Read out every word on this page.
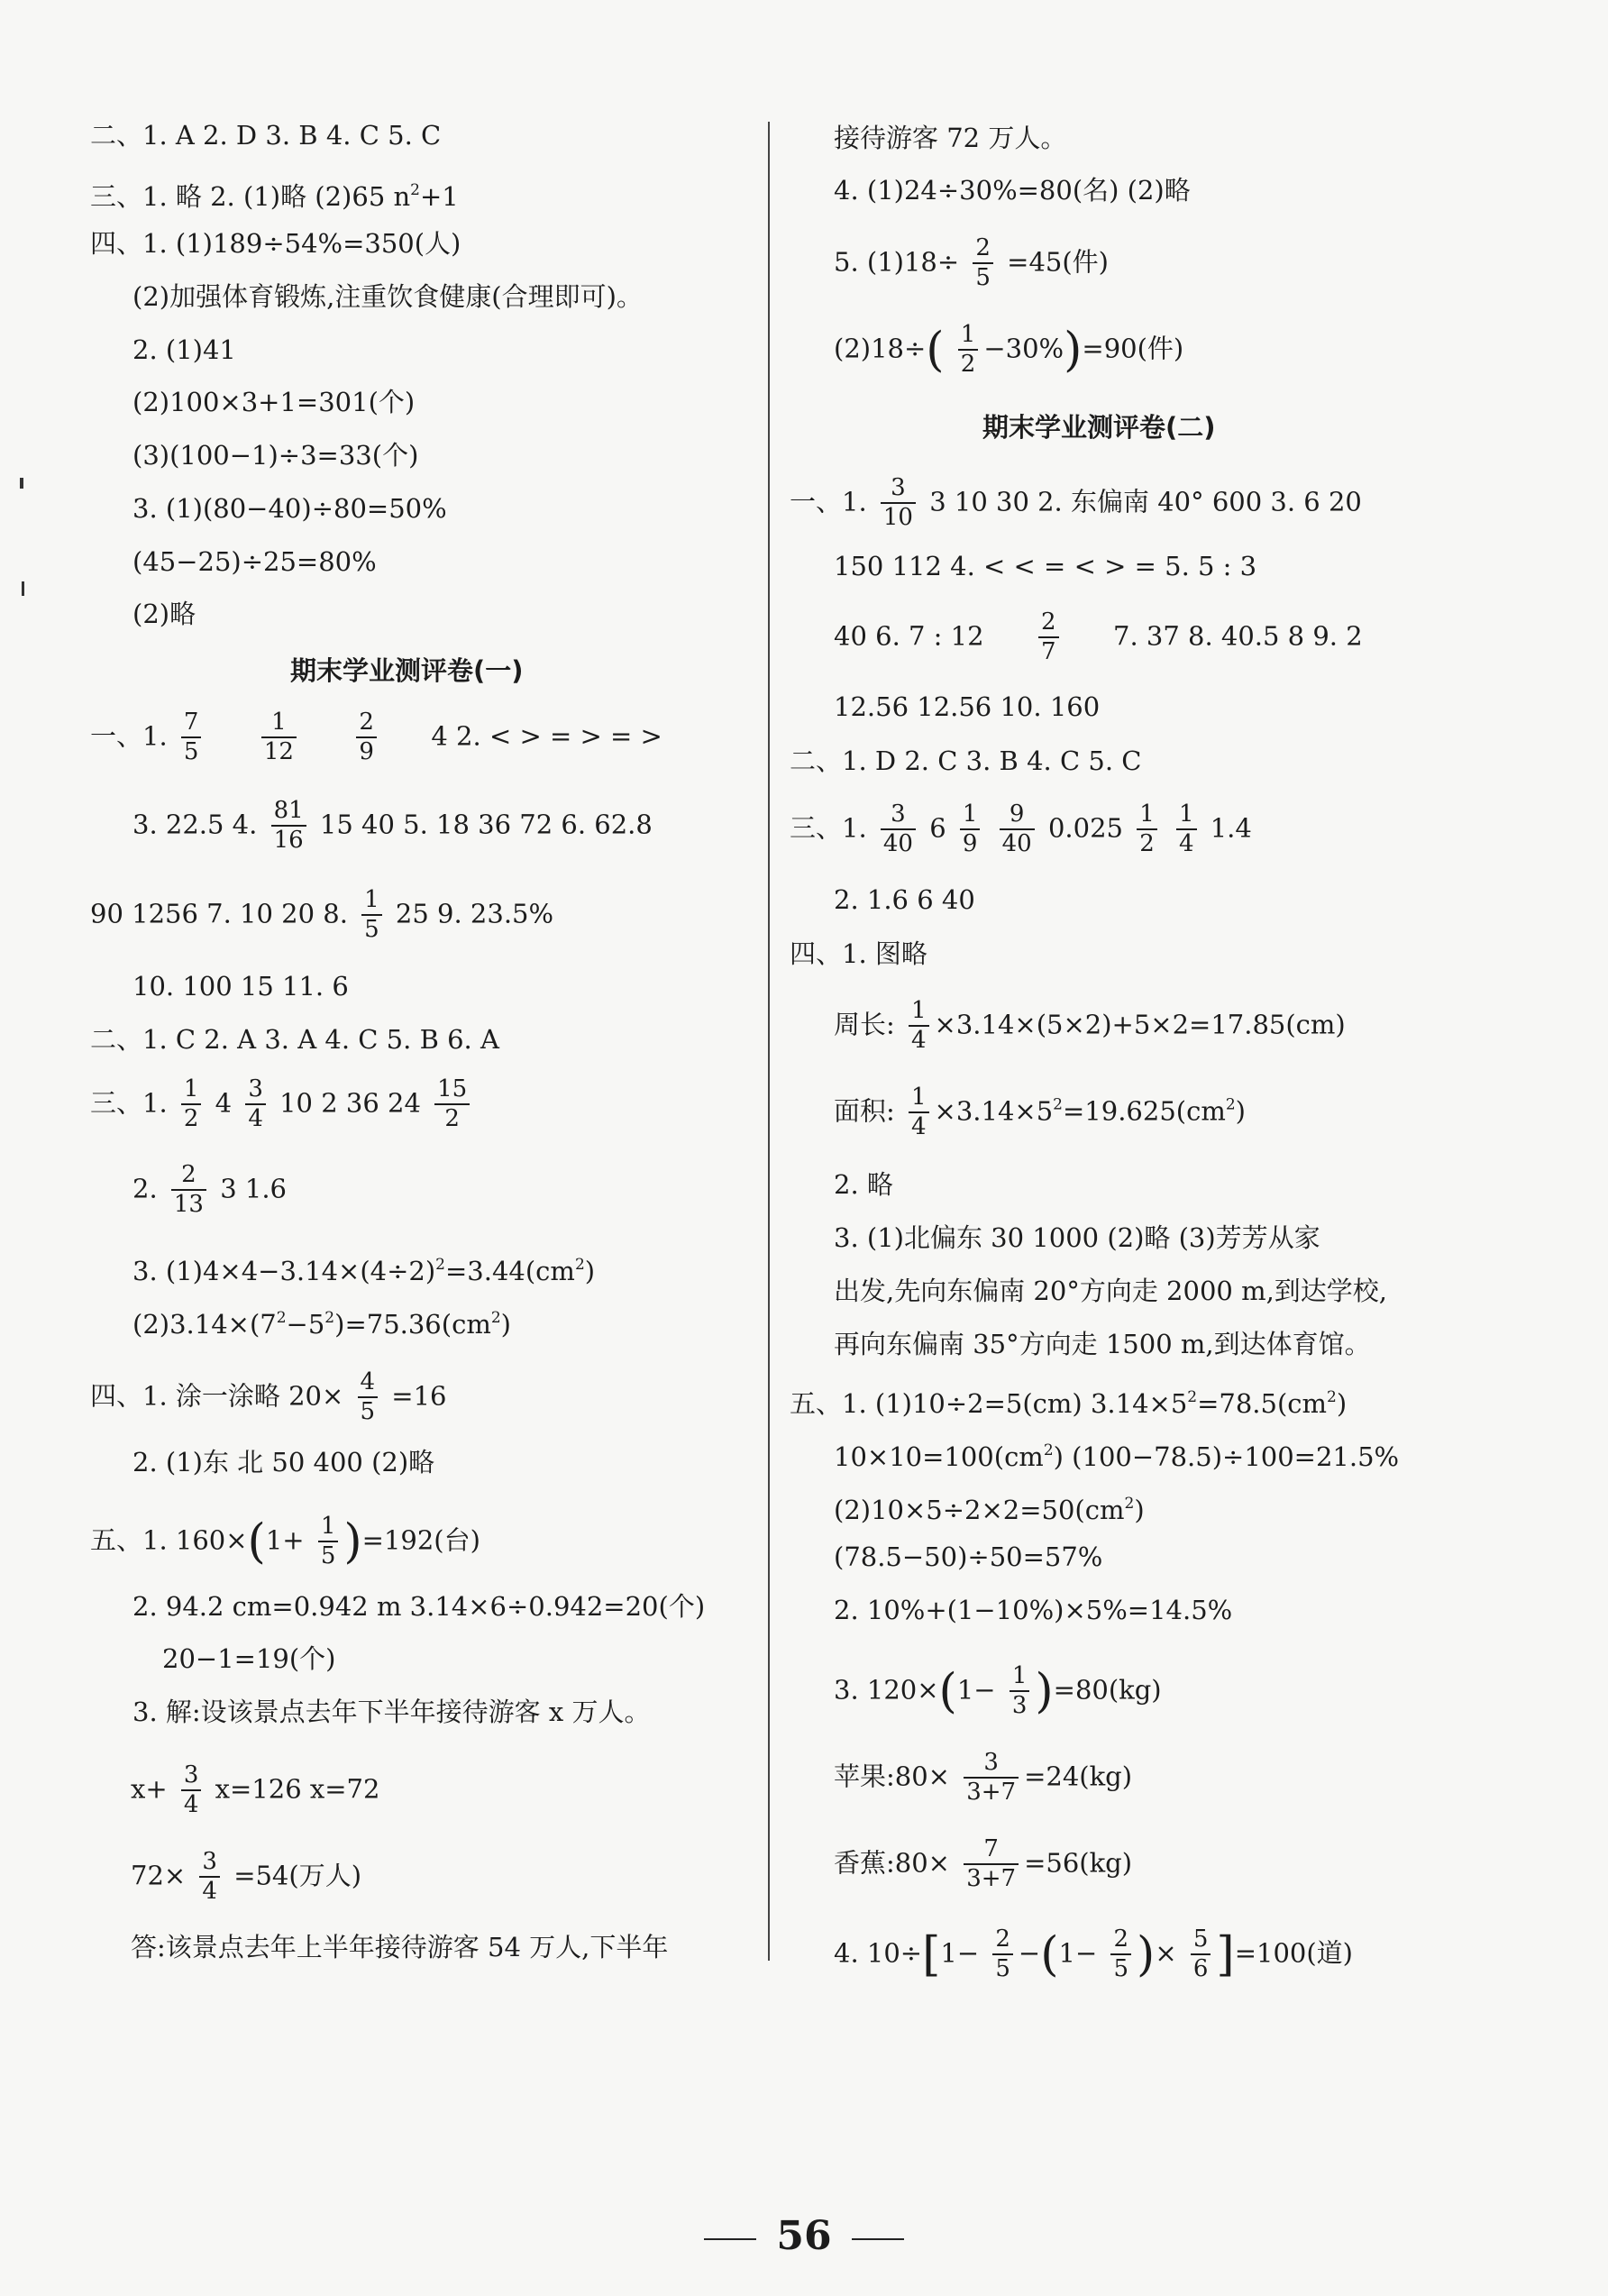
二、1. A 2. D 3. B 4. C 5. C
三、1. 略 2. (1)略 (2)65 $n^2+1$
四、1. (1)189÷54%=350(人)
(2)加强体育锻炼,注重饮食健康(合理即可)。
2. (1)41
(2)100×3+1=301(个)
(3)(100−1)÷3=33(个)
3. (1)(80−40)÷80=50%
(45−25)÷25=80%
(2)略
期末学业测评卷(一)
一、1. $\frac{7}{5}$
	$\frac{1}{12}$
	$\frac{2}{9} 4$ 2. < > = > = >
3. 22.5 4. $\frac{81}{16} 15$ 40 5. 18 36 72 6. 62.8
90 1256 7. 10 20 8. $\frac{1}{5} 25$ 9. 23.5%
10. 100 15 11. 6
二、1. C 2. A 3. A 4. C 5. B 6. A
三、1. $\frac{1}{2} 4 \frac{3}{4} 10$ 2 36 $24 \frac{15}{2}$
2. $\frac{2}{13} 3$ 1.6
3. $(1)4\times 4-3.14\times(4\div 2)^2=3.44(cm^2)$
$(2)3.14\times(7^2-5^2)=75.36(cm^2)$
四、1. 涂一涂略 $20\times \frac{4}{5} =16$
2. (1)东 北 50 400 (2)略
五、1. $160\times(1+ \frac{1}{5} )=192$(台)
2. 94.2 cm=0.942 m 3.14×6÷0.942=20(个)
20−1=19(个)
3. 解:设该景点去年下半年接待游客 x 万人。
$x+ \frac{3}{4} x=126$ x=72
$72\times \frac{3}{4} =54$(万人)
答:该景点去年上半年接待游客 54 万人,下半年
接待游客 72 万人。
4. (1)24÷30%=80(名) (2)略
5. $(1)18\div \frac{2}{5} =45$(件)
$(2)18\div( \frac{1}{2} -30\%)=90$(件)
期末学业测评卷(二)
一、1. $\frac{3}{10} 3$ 10 30 2. 东偏南 40° 600 3. 6 20
150 112 4. < < = < > = 5. 5 : 3
40 6. 7 : $12 \frac{2}{7} 7$. 37 8. 40.5 8 9. 2
12.56 12.56 10. 160
二、1. D 2. C 3. B 4. C 5. C
三、1. $\frac{3}{40} 6 \frac{1}{9}$
$\frac{9}{40} 0.025 \frac{1}{2}$
$\frac{1}{4} 1.4$
2. 1.6 6 40
四、1. 图略
周长: $\frac{1}{4} \times 3.14\times(5\times 2)+5\times 2=17.85(cm)$
面积: $\frac{1}{4} \times 3.14\times 5^2=19.625(cm^2)$
2. 略
3. (1)北偏东 30 1000 (2)略 (3)芳芳从家
出发,先向东偏南 20°方向走 2000 m,到达学校,
再向东偏南 35°方向走 1500 m,到达体育馆。
五、1. (1)10÷2=5(cm) $3.14\times 5^2=78.5(cm^2)$
$10\times 10=100(cm^2)$ (100−78.5)÷100=21.5%
$(2)10\times 5\div 2\times 2=50(cm^2)$
(78.5−50)÷50=57%
2. 10%+(1−10%)×5%=14.5%
3. $120\times(1- \frac{1}{3} )=80(kg)$
苹果:80× $\frac{3}{3+7} =24(kg)$
香蕉:80× $\frac{7}{3+7} =56(kg)$
4. $10\div[1- \frac{2}{5} -(1- \frac{2}{5}$ )× $\frac{5}{6} ]=100$(道)
56
